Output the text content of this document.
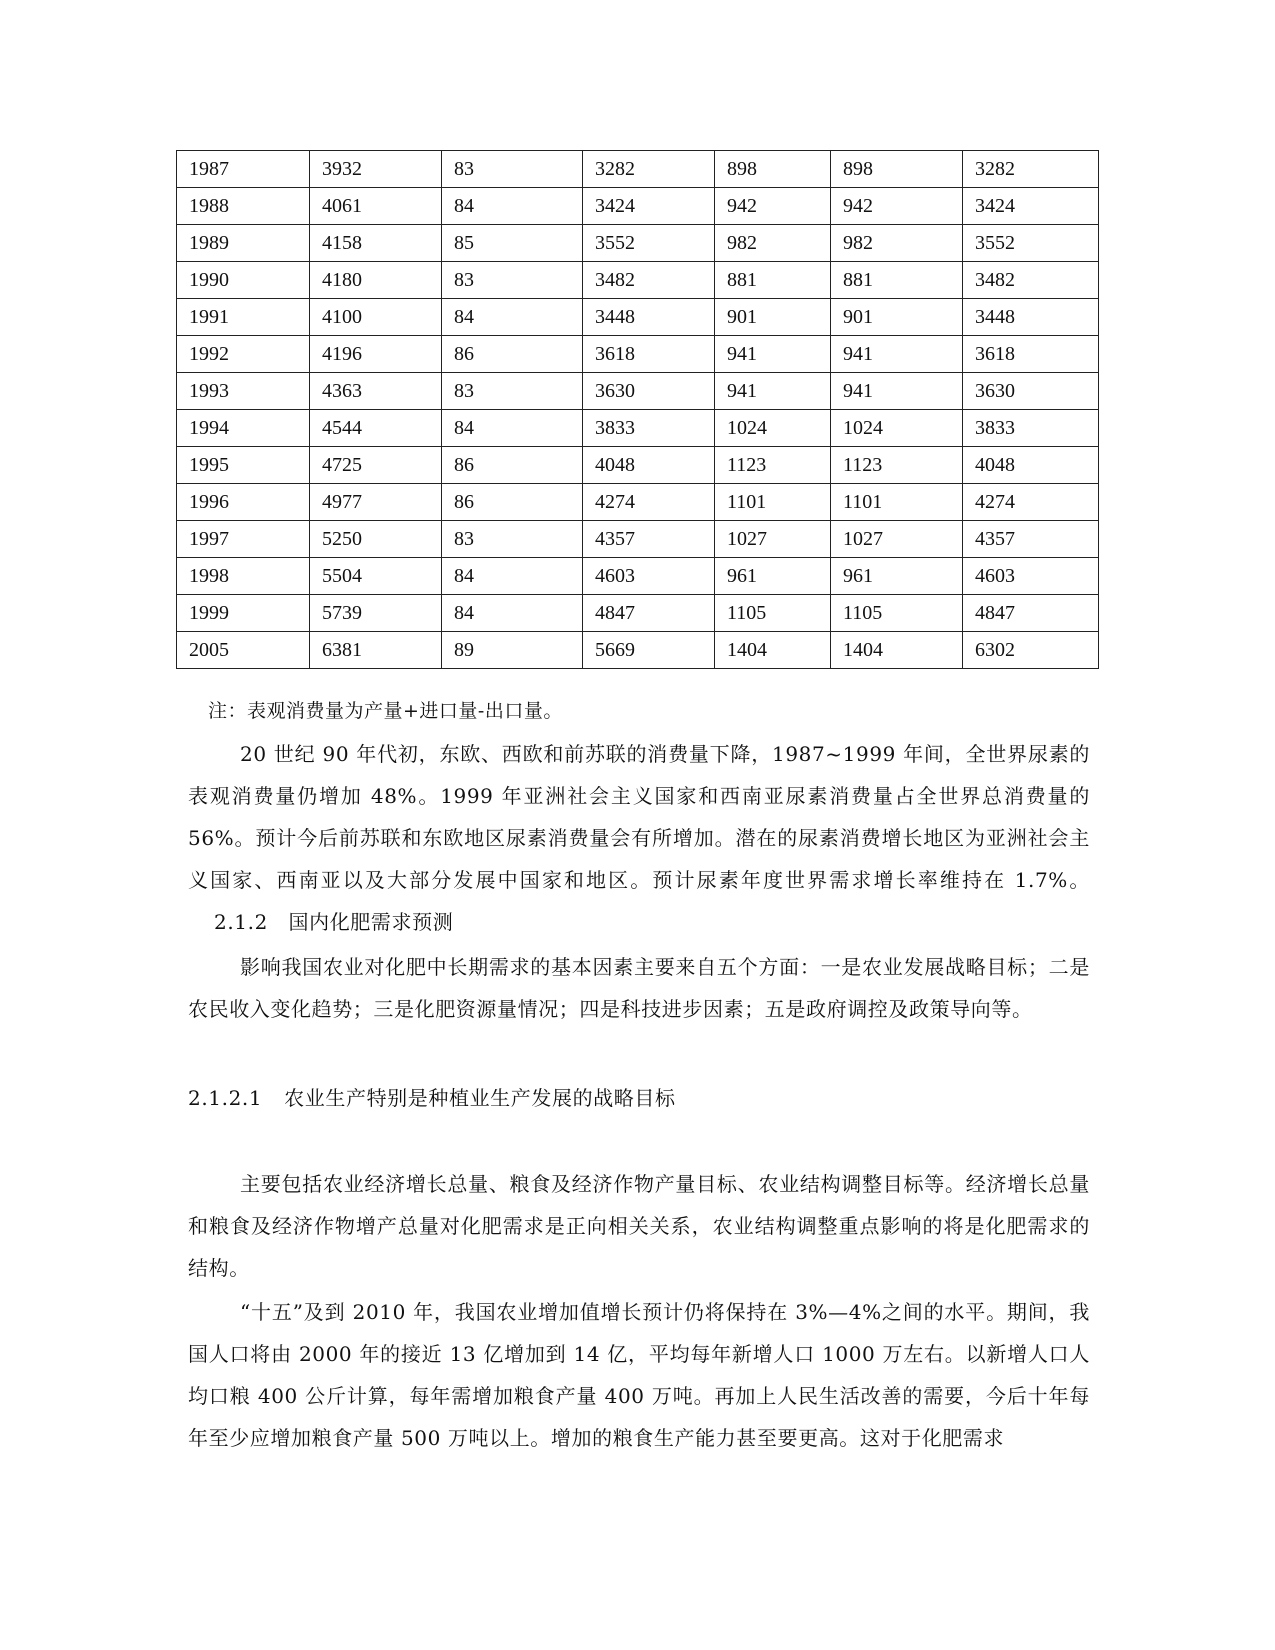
1987	3932	83	3282	898	898	3282
1988	4061	84	3424	942	942	3424
1989	4158	85	3552	982	982	3552
1990	4180	83	3482	881	881	3482
1991	4100	84	3448	901	901	3448
1992	4196	86	3618	941	941	3618
1993	4363	83	3630	941	941	3630
1994	4544	84	3833	1024	1024	3833
1995	4725	86	4048	1123	1123	4048
1996	4977	86	4274	1101	1101	4274
1997	5250	83	4357	1027	1027	4357
1998	5504	84	4603	961	961	4603
1999	5739	84	4847	1105	1105	4847
2005	6381	89	5669	1404	1404	6302
注：表观消费量为产量+进口量-出口量。
20 世纪 90 年代初，东欧、西欧和前苏联的消费量下降，1987~1999 年间，全世界尿素的表观消费量仍增加 48%。1999 年亚洲社会主义国家和西南亚尿素消费量占全世界总消费量的 56%。预计今后前苏联和东欧地区尿素消费量会有所增加。潜在的尿素消费增长地区为亚洲社会主义国家、西南亚以及大部分发展中国家和地区。预计尿素年度世界需求增长率维持在 1.7%。2.1.2　国内化肥需求预测
影响我国农业对化肥中长期需求的基本因素主要来自五个方面：一是农业发展战略目标；二是农民收入变化趋势；三是化肥资源量情况；四是科技进步因素；五是政府调控及政策导向等。
2.1.2.1 农业生产特别是种植业生产发展的战略目标
主要包括农业经济增长总量、粮食及经济作物产量目标、农业结构调整目标等。经济增长总量和粮食及经济作物增产总量对化肥需求是正向相关关系，农业结构调整重点影响的将是化肥需求的结构。
“十五”及到 2010 年，我国农业增加值增长预计仍将保持在 3%—4%之间的水平。期间，我国人口将由 2000 年的接近 13 亿增加到 14 亿，平均每年新增人口 1000 万左右。以新增人口人均口粮 400 公斤计算，每年需增加粮食产量 400 万吨。再加上人民生活改善的需要，今后十年每年至少应增加粮食产量 500 万吨以上。增加的粮食生产能力甚至要更高。这对于化肥需求
